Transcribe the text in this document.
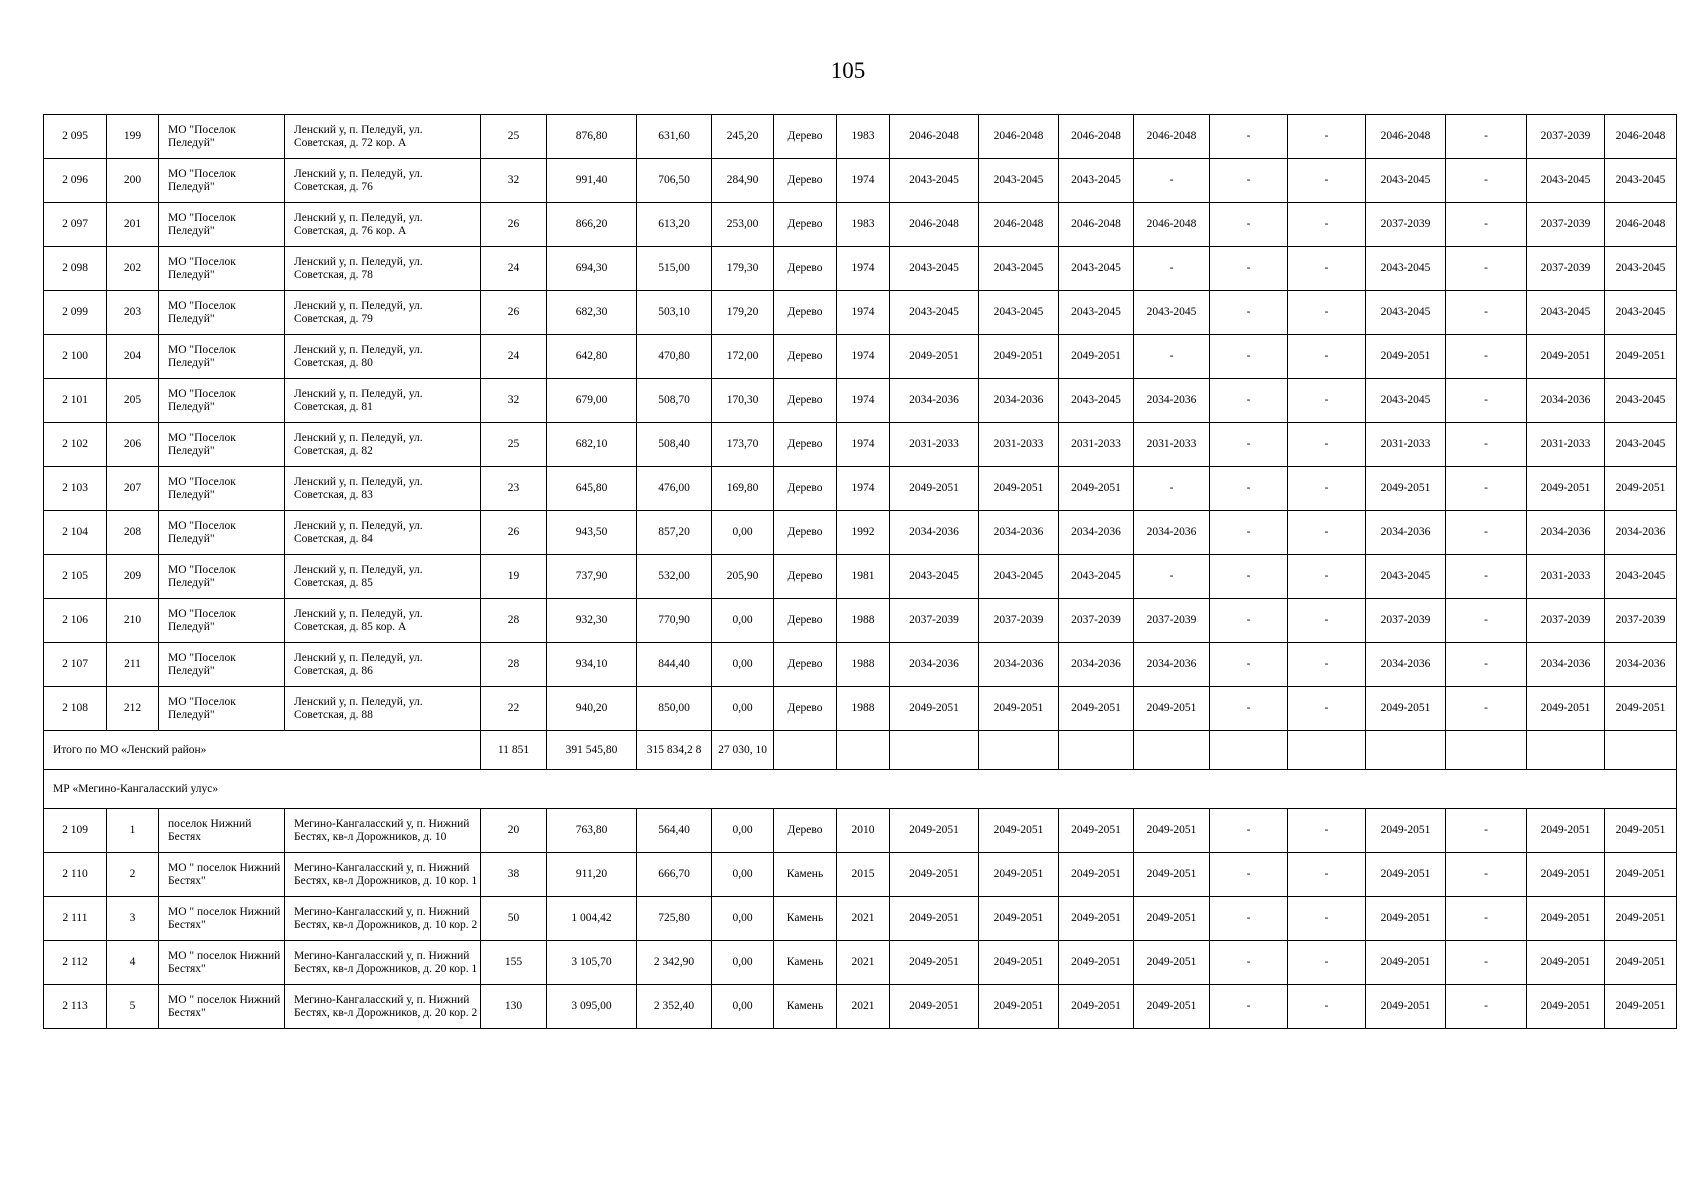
105
2 095	199	МО "Поселок Пеледуй"	Ленский у, п. Пеледуй, ул. Советская, д. 72 кор. А	25	876,80	631,60	245,20	Дерево	1983	2046-2048	2046-2048	2046-2048	2046-2048	-	-	2046-2048	-	2037-2039	2046-2048
2 096	200	МО "Поселок Пеледуй"	Ленский у, п. Пеледуй, ул. Советская, д. 76	32	991,40	706,50	284,90	Дерево	1974	2043-2045	2043-2045	2043-2045	-	-	-	2043-2045	-	2043-2045	2043-2045
2 097	201	МО "Поселок Пеледуй"	Ленский у, п. Пеледуй, ул. Советская, д. 76 кор. А	26	866,20	613,20	253,00	Дерево	1983	2046-2048	2046-2048	2046-2048	2046-2048	-	-	2037-2039	-	2037-2039	2046-2048
2 098	202	МО "Поселок Пеледуй"	Ленский у, п. Пеледуй, ул. Советская, д. 78	24	694,30	515,00	179,30	Дерево	1974	2043-2045	2043-2045	2043-2045	-	-	-	2043-2045	-	2037-2039	2043-2045
2 099	203	МО "Поселок Пеледуй"	Ленский у, п. Пеледуй, ул. Советская, д. 79	26	682,30	503,10	179,20	Дерево	1974	2043-2045	2043-2045	2043-2045	2043-2045	-	-	2043-2045	-	2043-2045	2043-2045
2 100	204	МО "Поселок Пеледуй"	Ленский у, п. Пеледуй, ул. Советская, д. 80	24	642,80	470,80	172,00	Дерево	1974	2049-2051	2049-2051	2049-2051	-	-	-	2049-2051	-	2049-2051	2049-2051
2 101	205	МО "Поселок Пеледуй"	Ленский у, п. Пеледуй, ул. Советская, д. 81	32	679,00	508,70	170,30	Дерево	1974	2034-2036	2034-2036	2043-2045	2034-2036	-	-	2043-2045	-	2034-2036	2043-2045
2 102	206	МО "Поселок Пеледуй"	Ленский у, п. Пеледуй, ул. Советская, д. 82	25	682,10	508,40	173,70	Дерево	1974	2031-2033	2031-2033	2031-2033	2031-2033	-	-	2031-2033	-	2031-2033	2043-2045
2 103	207	МО "Поселок Пеледуй"	Ленский у, п. Пеледуй, ул. Советская, д. 83	23	645,80	476,00	169,80	Дерево	1974	2049-2051	2049-2051	2049-2051	-	-	-	2049-2051	-	2049-2051	2049-2051
2 104	208	МО "Поселок Пеледуй"	Ленский у, п. Пеледуй, ул. Советская, д. 84	26	943,50	857,20	0,00	Дерево	1992	2034-2036	2034-2036	2034-2036	2034-2036	-	-	2034-2036	-	2034-2036	2034-2036
2 105	209	МО "Поселок Пеледуй"	Ленский у, п. Пеледуй, ул. Советская, д. 85	19	737,90	532,00	205,90	Дерево	1981	2043-2045	2043-2045	2043-2045	-	-	-	2043-2045	-	2031-2033	2043-2045
2 106	210	МО "Поселок Пеледуй"	Ленский у, п. Пеледуй, ул. Советская, д. 85 кор. А	28	932,30	770,90	0,00	Дерево	1988	2037-2039	2037-2039	2037-2039	2037-2039	-	-	2037-2039	-	2037-2039	2037-2039
2 107	211	МО "Поселок Пеледуй"	Ленский у, п. Пеледуй, ул. Советская, д. 86	28	934,10	844,40	0,00	Дерево	1988	2034-2036	2034-2036	2034-2036	2034-2036	-	-	2034-2036	-	2034-2036	2034-2036
2 108	212	МО "Поселок Пеледуй"	Ленский у, п. Пеледуй, ул. Советская, д. 88	22	940,20	850,00	0,00	Дерево	1988	2049-2051	2049-2051	2049-2051	2049-2051	-	-	2049-2051	-	2049-2051	2049-2051
Итого по МО «Ленский район»				11 851	391 545,80	315 834,2 8	27 030, 10												
МР «Мегино-Кангаласский улус»																			
2 109	1	поселок Нижний Бестях	Мегино-Кангаласский у, п. Нижний Бестях, кв-л Дорожников, д. 10	20	763,80	564,40	0,00	Дерево	2010	2049-2051	2049-2051	2049-2051	2049-2051	-	-	2049-2051	-	2049-2051	2049-2051
2 110	2	МО " поселок Нижний Бестях"	Мегино-Кангаласский у, п. Нижний Бестях, кв-л Дорожников, д. 10 кор. 1	38	911,20	666,70	0,00	Камень	2015	2049-2051	2049-2051	2049-2051	2049-2051	-	-	2049-2051	-	2049-2051	2049-2051
2 111	3	МО " поселок Нижний Бестях"	Мегино-Кангаласский у, п. Нижний Бестях, кв-л Дорожников, д. 10 кор. 2	50	1 004,42	725,80	0,00	Камень	2021	2049-2051	2049-2051	2049-2051	2049-2051	-	-	2049-2051	-	2049-2051	2049-2051
2 112	4	МО " поселок Нижний Бестях"	Мегино-Кангаласский у, п. Нижний Бестях, кв-л Дорожников, д. 20 кор. 1	155	3 105,70	2 342,90	0,00	Камень	2021	2049-2051	2049-2051	2049-2051	2049-2051	-	-	2049-2051	-	2049-2051	2049-2051
2 113	5	МО " поселок Нижний Бестях"	Мегино-Кангаласский у, п. Нижний Бестях, кв-л Дорожников, д. 20 кор. 2	130	3 095,00	2 352,40	0,00	Камень	2021	2049-2051	2049-2051	2049-2051	2049-2051	-	-	2049-2051	-	2049-2051	2049-2051
